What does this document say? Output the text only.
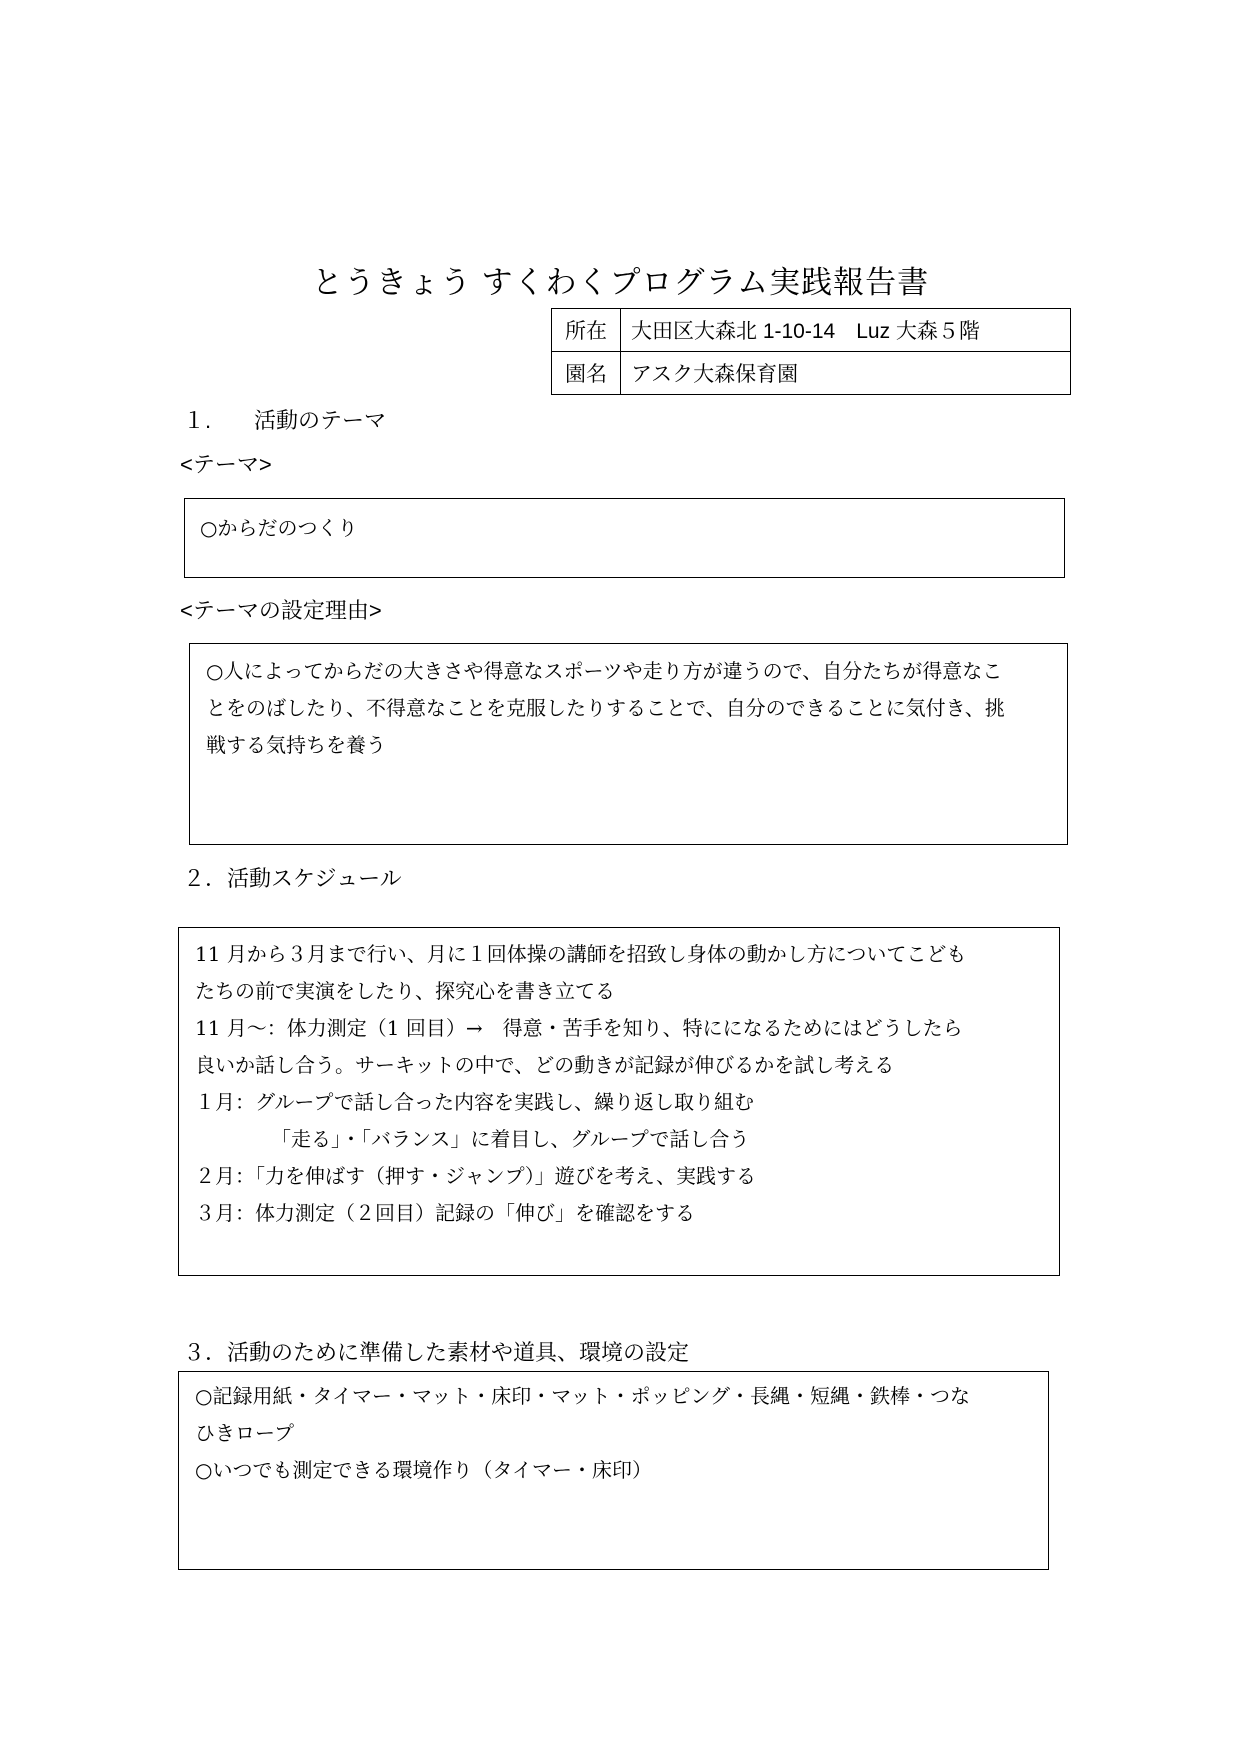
とうきょう すくわくプログラム実践報告書
所在	大田区大森北 1-10-14　Luz 大森５階
園名	アスク大森保育園
１. 活動のテーマ
<テーマ>
○からだのつくり
<テーマの設定理由>
○人によってからだの大きさや得意なスポーツや走り方が違うので、自分たちが得意なこ
とをのばしたり、不得意なことを克服したりすることで、自分のできることに気付き、挑
戦する気持ちを養う
２．活動スケジュール
11 月から３月まで行い、月に１回体操の講師を招致し身体の動かし方についてこども
たちの前で実演をしたり、探究心を書き立てる
11 月～：体力測定（1 回目）→　得意・苦手を知り、特にになるためにはどうしたら
良いか話し合う。サーキットの中で、どの動きが記録が伸びるかを試し考える
１月：グループで話し合った内容を実践し、繰り返し取り組む
「走る」・「バランス」に着目し、グループで話し合う
２月：「力を伸ばす（押す・ジャンプ）」遊びを考え、実践する
３月：体力測定（２回目）記録の「伸び」を確認をする
３．活動のために準備した素材や道具、環境の設定
○記録用紙・タイマー・マット・床印・マット・ポッピング・長縄・短縄・鉄棒・つな
ひきロープ
○いつでも測定できる環境作り（タイマー・床印）
